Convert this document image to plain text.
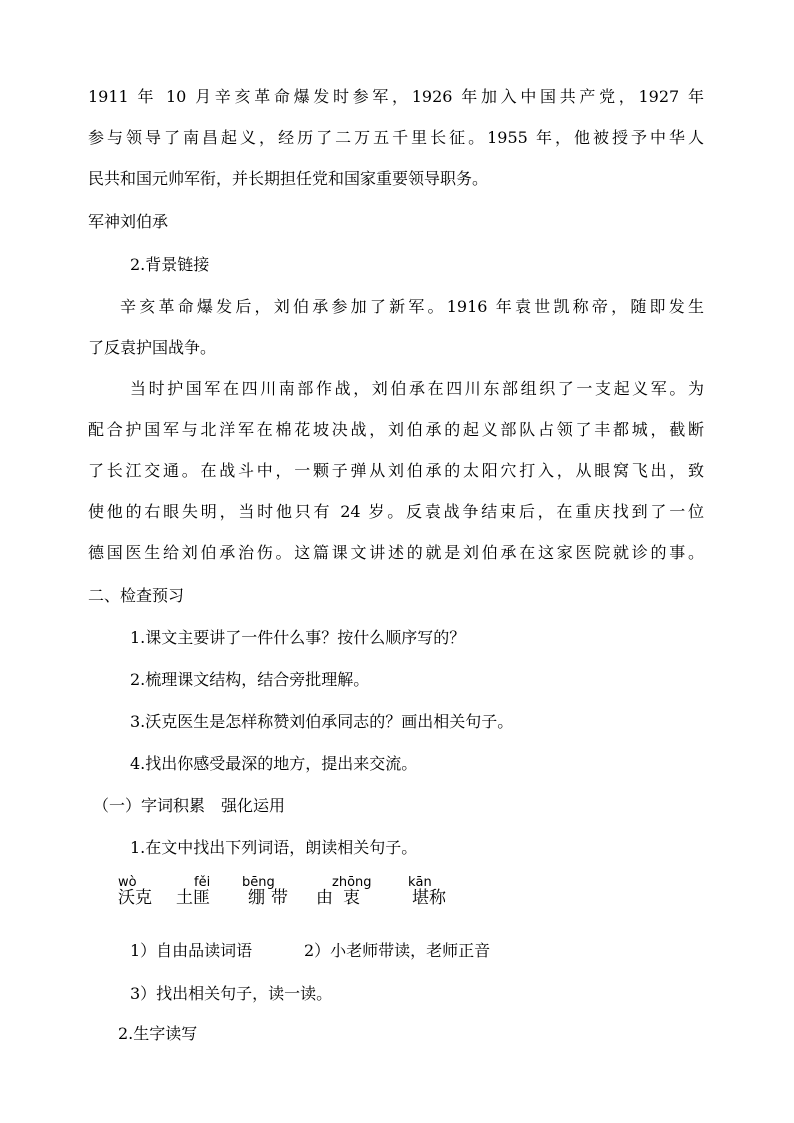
1911 年 10 月辛亥革命爆发时参军，1926 年加入中国共产党，1927 年
参与领导了南昌起义，经历了二万五千里长征。1955 年，他被授予中华人
民共和国元帅军衔，并长期担任党和国家重要领导职务。
军神刘伯承
2.背景链接
辛亥革命爆发后，刘伯承参加了新军。1916 年袁世凯称帝，随即发生
了反袁护国战争。
当时护国军在四川南部作战，刘伯承在四川东部组织了一支起义军。为
配合护国军与北洋军在棉花坡决战，刘伯承的起义部队占领了丰都城，截断
了长江交通。在战斗中，一颗子弹从刘伯承的太阳穴打入，从眼窝飞出，致
使他的右眼失明，当时他只有 24 岁。反袁战争结束后，在重庆找到了一位
德国医生给刘伯承治伤。这篇课文讲述的就是刘伯承在这家医院就诊的事。
二、检查预习
1.课文主要讲了一件什么事？按什么顺序写的？
2.梳理课文结构，结合旁批理解。
3.沃克医生是怎样称赞刘伯承同志的？画出相关句子。
4.找出你感受最深的地方，提出来交流。
（一）字词积累　强化运用
1.在文中找出下列词语，朗读相关句子。
wò
沃克
fěi
土匪
bēng
绷带
zhōng
由衷
kān
堪称
1）自由品读词语	2）小老师带读，老师正音
3）找出相关句子，读一读。
2.生字读写
